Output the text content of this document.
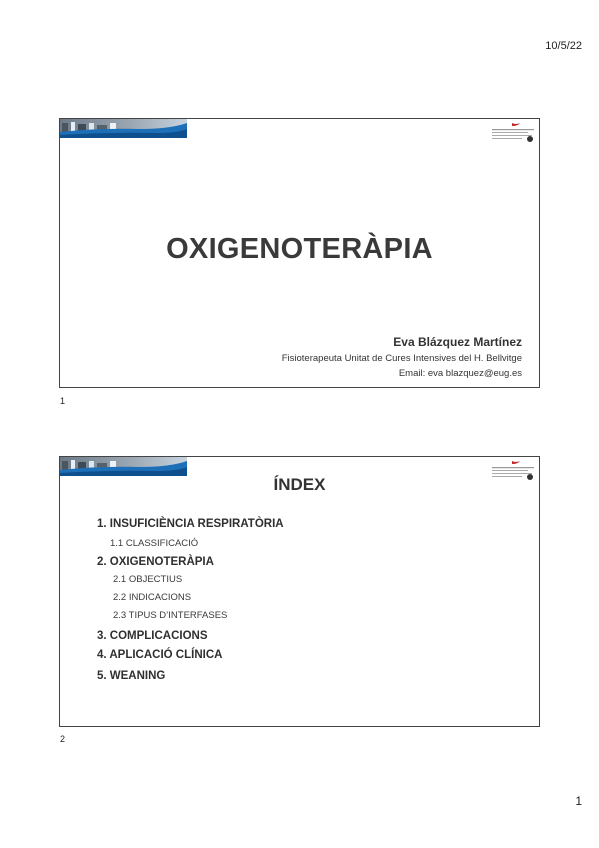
10/5/22
OXIGENOTERÀPIA
Eva Blázquez Martínez
Fisioterapeuta Unitat de Cures Intensives del H. Bellvitge
Email: eva blazquez@eug.es
1
ÍNDEX
1. INSUFICIÈNCIA RESPIRATÒRIA
1.1 CLASSIFICACIÓ
2. OXIGENOTERÀPIA
2.1 OBJECTIUS
2.2 INDICACIONS
2.3 TIPUS D’INTERFASES
3. COMPLICACIONS
4. APLICACIÓ CLÍNICA
5. WEANING
2
1
